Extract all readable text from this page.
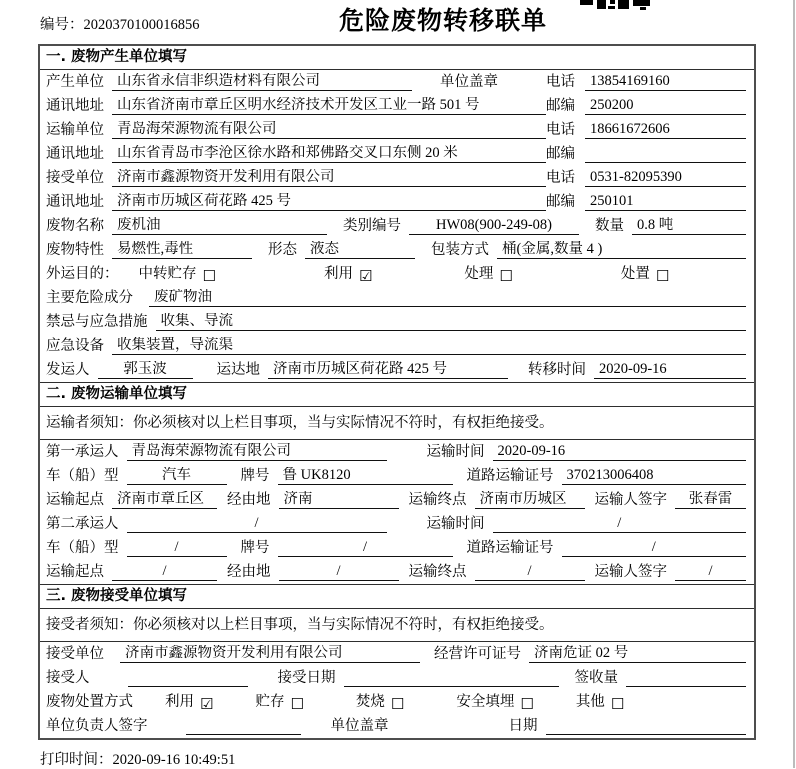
编号：2020370100016856	危险废物转移联单
一. 废物产生单位填写
产生单位 山东省永信非织造材料有限公司	单位盖章	电话	13854169160
通讯地址 山东省济南市章丘区明水经济技术开发区工业一路 501 号	邮编	250200
运输单位 青岛海荣源物流有限公司	电话	18661672606
通讯地址 山东省青岛市李沧区徐水路和郑佛路交叉口东侧 20 米	邮编
接受单位 济南市鑫源物资开发利用有限公司	电话	0531-82095390
通讯地址 济南市历城区荷花路 425 号	邮编	250101
废物名称 废机油	类别编号	HW08(900-249-08)	数量 0.8 吨
废物特性 易燃性,毒性	形态 液态	包装方式 桶(金属,数量 4 )
外运目的： 中转贮存 ☐	利用 ☑	处理 ☐	处置 ☐
主要危险成分	废矿物油
禁忌与应急措施 收集、导流
应急设备 收集装置，导流渠
发运人	郭玉波	运达地 济南市历城区荷花路 425 号	转移时间 2020-09-16
二. 废物运输单位填写
运输者须知：你必须核对以上栏目事项，当与实际情况不符时，有权拒绝接受。
第一承运人 青岛海荣源物流有限公司	运输时间 2020-09-16
车（船）型	汽车	牌号 鲁 UK8120	道路运输证号 370213006408
运输起点 济南市章丘区	经由地 济南	运输终点 济南市历城区	运输人签字	张春雷
第二承运人	/	运输时间	/
车（船）型	/	牌号	/	道路运输证号	/
运输起点	/	经由地	/	运输终点	/	运输人签字	/
三. 废物接受单位填写
接受者须知：你必须核对以上栏目事项，当与实际情况不符时，有权拒绝接受。
接受单位	济南市鑫源物资开发利用有限公司	经营许可证号 济南危证 02 号
接受人	接受日期	签收量
废物处置方式 利用 ☑	贮存 ☐	焚烧 ☐	安全填埋 ☐	其他 ☐
单位负责人签字	单位盖章	日期
打印时间：2020-09-16 10:49:51
